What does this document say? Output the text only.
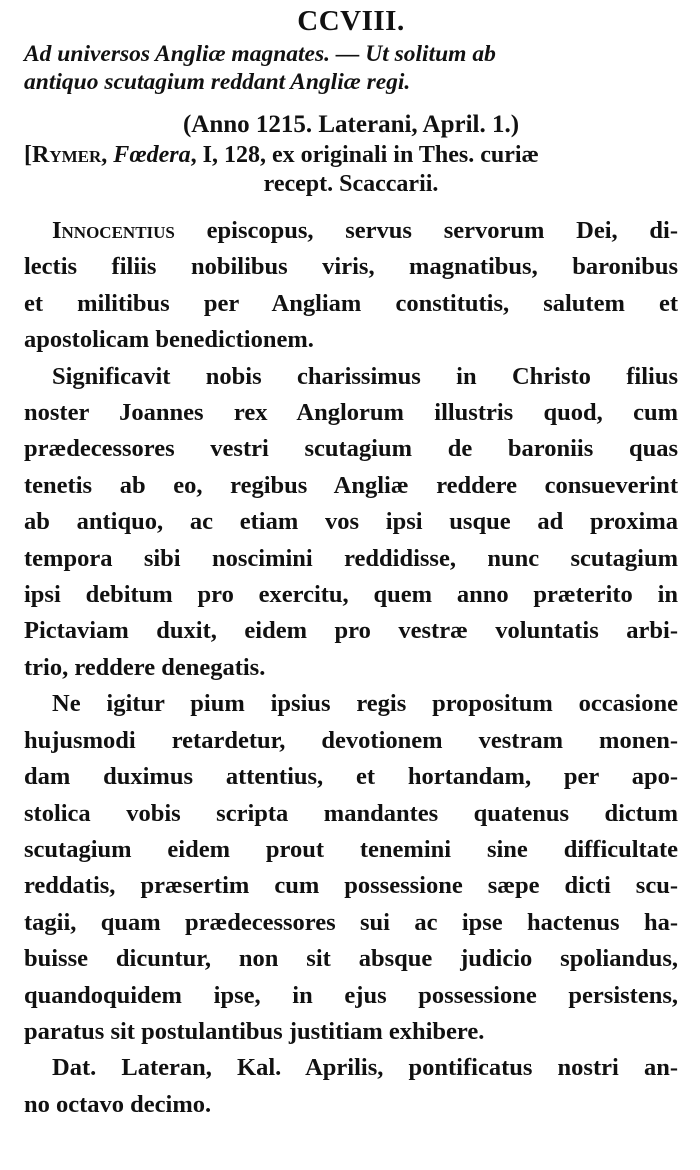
CCVIII.
Ad universos Angliæ magnates. — Ut solitum ab
antiquo scutagium reddant Angliæ regi.
(Anno 1215. Laterani, April. 1.)
[Rymer, Fœdera, I, 128, ex originali in Thes. curiæ
recept. Scaccarii.
Innocentius episcopus, servus servorum Dei, di-
lectis filiis nobilibus viris, magnatibus, baronibus
et militibus per Angliam constitutis, salutem et
apostolicam benedictionem.
Significavit nobis charissimus in Christo filius
noster Joannes rex Anglorum illustris quod, cum
prædecessores vestri scutagium de baroniis quas
tenetis ab eo, regibus Angliæ reddere consueverint
ab antiquo, ac etiam vos ipsi usque ad proxima
tempora sibi noscimini reddidisse, nunc scutagium
ipsi debitum pro exercitu, quem anno præterito in
Pictaviam duxit, eidem pro vestræ voluntatis arbi-
trio, reddere denegatis.
Ne igitur pium ipsius regis propositum occasione
hujusmodi retardetur, devotionem vestram monen-
dam duximus attentius, et hortandam, per apo-
stolica vobis scripta mandantes quatenus dictum
scutagium eidem prout tenemini sine difficultate
reddatis, præsertim cum possessione sæpe dicti scu-
tagii, quam prædecessores sui ac ipse hactenus ha-
buisse dicuntur, non sit absque judicio spoliandus,
quandoquidem ipse, in ejus possessione persistens,
paratus sit postulantibus justitiam exhibere.
Dat. Lateran, Kal. Aprilis, pontificatus nostri an-
no octavo decimo.
